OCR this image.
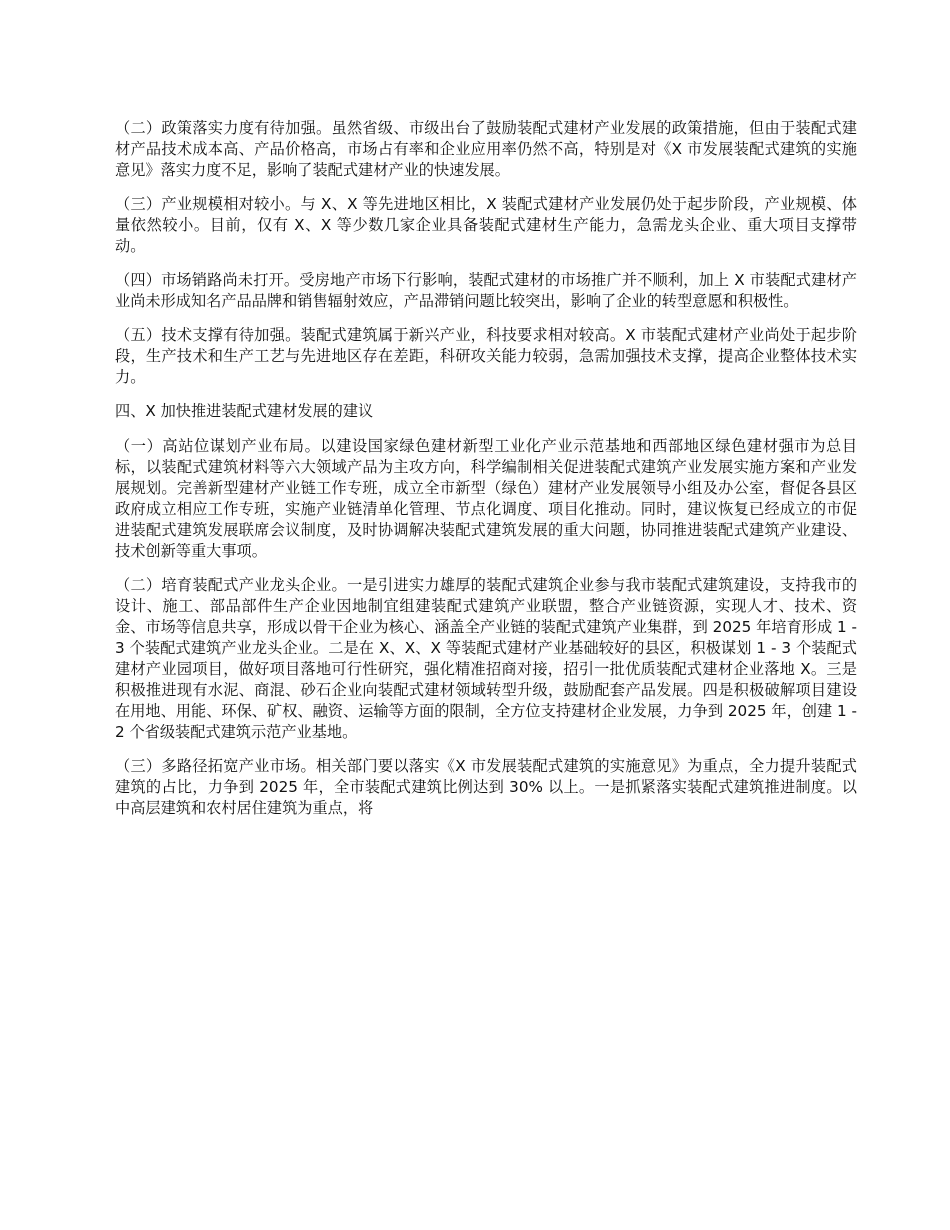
（二）政策落实力度有待加强。虽然省级、市级出台了鼓励装配式建材产业发展的政策措施，但由于装配式建材产品技术成本高、产品价格高，市场占有率和企业应用率仍然不高，特别是对《X 市发展装配式建筑的实施意见》落实力度不足，影响了装配式建材产业的快速发展。

（三）产业规模相对较小。与 X、X 等先进地区相比，X 装配式建材产业发展仍处于起步阶段，产业规模、体量依然较小。目前，仅有 X、X 等少数几家企业具备装配式建材生产能力，急需龙头企业、重大项目支撑带动。

（四）市场销路尚未打开。受房地产市场下行影响，装配式建材的市场推广并不顺利，加上 X 市装配式建材产业尚未形成知名产品品牌和销售辐射效应，产品滞销问题比较突出，影响了企业的转型意愿和积极性。

（五）技术支撑有待加强。装配式建筑属于新兴产业，科技要求相对较高。X 市装配式建材产业尚处于起步阶段，生产技术和生产工艺与先进地区存在差距，科研攻关能力较弱，急需加强技术支撑，提高企业整体技术实力。

四、X 加快推进装配式建材发展的建议

（一）高站位谋划产业布局。以建设国家绿色建材新型工业化产业示范基地和西部地区绿色建材强市为总目标，以装配式建筑材料等六大领域产品为主攻方向，科学编制相关促进装配式建筑产业发展实施方案和产业发展规划。完善新型建材产业链工作专班，成立全市新型（绿色）建材产业发展领导小组及办公室，督促各县区政府成立相应工作专班，实施产业链清单化管理、节点化调度、项目化推动。同时，建议恢复已经成立的市促进装配式建筑发展联席会议制度，及时协调解决装配式建筑发展的重大问题，协同推进装配式建筑产业建设、技术创新等重大事项。

（二）培育装配式产业龙头企业。一是引进实力雄厚的装配式建筑企业参与我市装配式建筑建设，支持我市的设计、施工、部品部件生产企业因地制宜组建装配式建筑产业联盟，整合产业链资源，实现人才、技术、资金、市场等信息共享，形成以骨干企业为核心、涵盖全产业链的装配式建筑产业集群，到 2025 年培育形成 1 - 3 个装配式建筑产业龙头企业。二是在 X、X、X 等装配式建材产业基础较好的县区，积极谋划 1 - 3 个装配式建材产业园项目，做好项目落地可行性研究，强化精准招商对接，招引一批优质装配式建材企业落地 X。三是积极推进现有水泥、商混、砂石企业向装配式建材领域转型升级，鼓励配套产品发展。四是积极破解项目建设在用地、用能、环保、矿权、融资、运输等方面的限制，全方位支持建材企业发展，力争到 2025 年，创建 1 - 2 个省级装配式建筑示范产业基地。

（三）多路径拓宽产业市场。相关部门要以落实《X 市发展装配式建筑的实施意见》为重点，全力提升装配式建筑的占比，力争到 2025 年，全市装配式建筑比例达到 30% 以上。一是抓紧落实装配式建筑推进制度。以中高层建筑和农村居住建筑为重点，将
